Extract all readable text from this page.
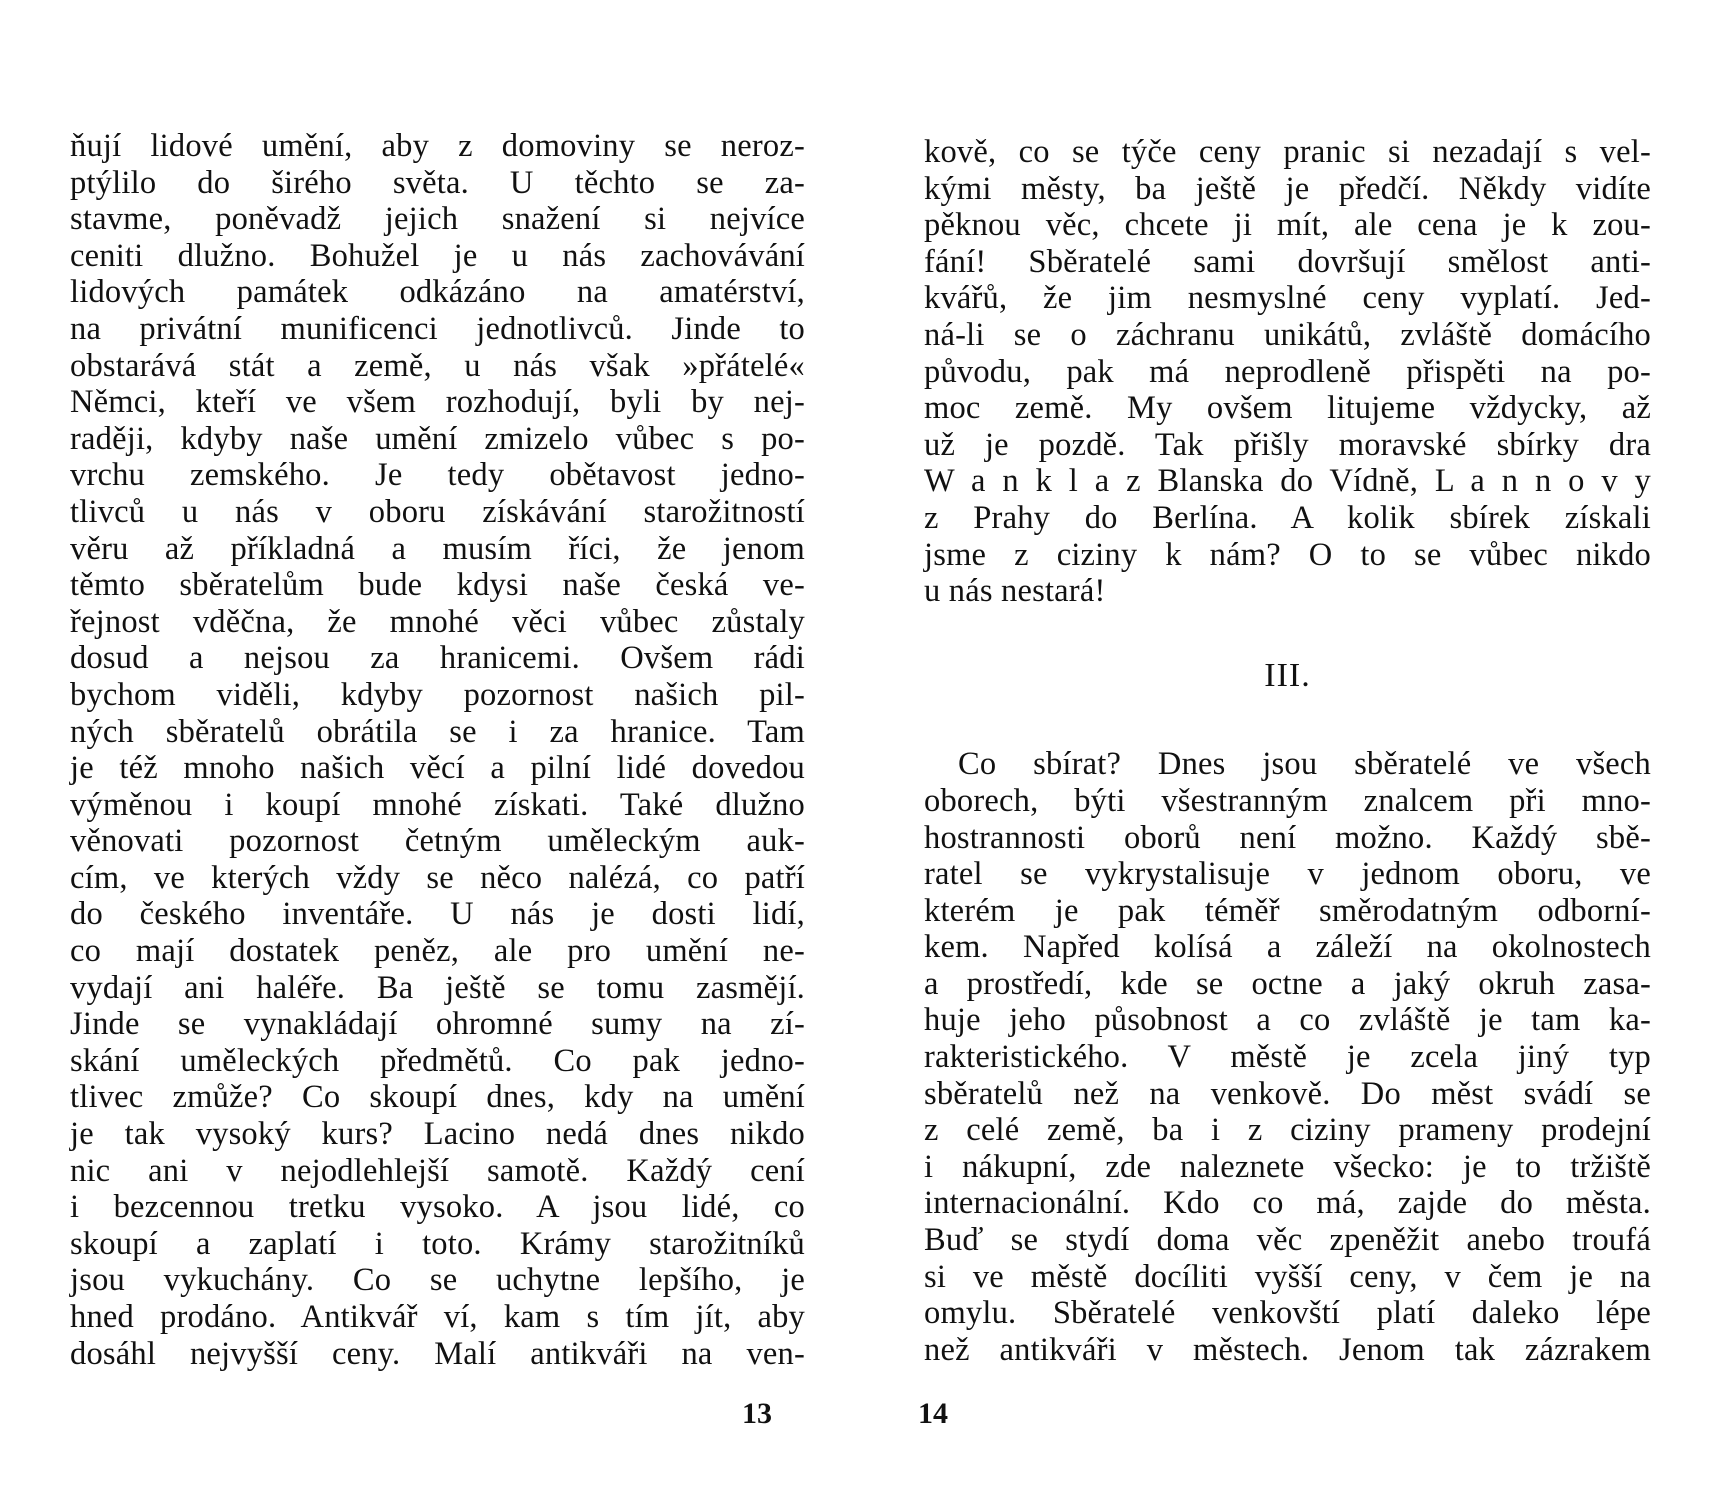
ňují lidové umění, aby z domoviny se neroz-
ptýlilo do širého světa. U těchto se za-
stavme, poněvadž jejich snažení si nejvíce
ceniti dlužno. Bohužel je u nás zachovávání
lidových památek odkázáno na amatérství,
na privátní munificenci jednotlivců. Jinde to
obstarává stát a země, u nás však »přátelé«
Němci, kteří ve všem rozhodují, byli by nej-
raději, kdyby naše umění zmizelo vůbec s po-
vrchu zemského. Je tedy obětavost jedno-
tlivců u nás v oboru získávání starožitností
věru až příkladná a musím říci, že jenom
těmto sběratelům bude kdysi naše česká ve-
řejnost vděčna, že mnohé věci vůbec zůstaly
dosud a nejsou za hranicemi. Ovšem rádi
bychom viděli, kdyby pozornost našich pil-
ných sběratelů obrátila se i za hranice. Tam
je též mnoho našich věcí a pilní lidé dovedou
výměnou i koupí mnohé získati. Také dlužno
věnovati pozornost četným uměleckým auk-
cím, ve kterých vždy se něco nalézá, co patří
do českého inventáře. U nás je dosti lidí,
co mají dostatek peněz, ale pro umění ne-
vydají ani haléře. Ba ještě se tomu zasmějí.
Jinde se vynakládají ohromné sumy na zí-
skání uměleckých předmětů. Co pak jedno-
tlivec zmůže? Co skoupí dnes, kdy na umění
je tak vysoký kurs? Lacino nedá dnes nikdo
nic ani v nejodlehlejší samotě. Každý cení
i bezcennou tretku vysoko. A jsou lidé, co
skoupí a zaplatí i toto. Krámy starožitníků
jsou vykuchány. Co se uchytne lepšího, je
hned prodáno. Antikvář ví, kam s tím jít, aby
dosáhl nejvyšší ceny. Malí antikváři na ven-
13
kově, co se týče ceny pranic si nezadají s vel-
kými městy, ba ještě je předčí. Někdy vidíte
pěknou věc, chcete ji mít, ale cena je k zou-
fání! Sběratelé sami dovršují smělost anti-
kvářů, že jim nesmyslné ceny vyplatí. Jed-
ná-li se o záchranu unikátů, zvláště domácího
původu, pak má neprodleně přispěti na po-
moc země. My ovšem litujeme vždycky, až
už je pozdě. Tak přišly moravské sbírky dra
W a n k l a z Blanska do Vídně, L a n n o v y
z Prahy do Berlína. A kolik sbírek získali
jsme z ciziny k nám? O to se vůbec nikdo
u nás nestará!
III.
Co sbírat? Dnes jsou sběratelé ve všech
oborech, býti všestranným znalcem při mno-
hostrannosti oborů není možno. Každý sbě-
ratel se vykrystalisuje v jednom oboru, ve
kterém je pak téměř směrodatným odborní-
kem. Napřed kolísá a záleží na okolnostech
a prostředí, kde se octne a jaký okruh zasa-
huje jeho působnost a co zvláště je tam ka-
rakteristického. V městě je zcela jiný typ
sběratelů než na venkově. Do měst svádí se
z celé země, ba i z ciziny prameny prodejní
i nákupní, zde naleznete všecko: je to tržiště
internacionální. Kdo co má, zajde do města.
Buď se stydí doma věc zpeněžit anebo troufá
si ve městě docíliti vyšší ceny, v čem je na
omylu. Sběratelé venkovští platí daleko lépe
než antikváři v městech. Jenom tak zázrakem
14
